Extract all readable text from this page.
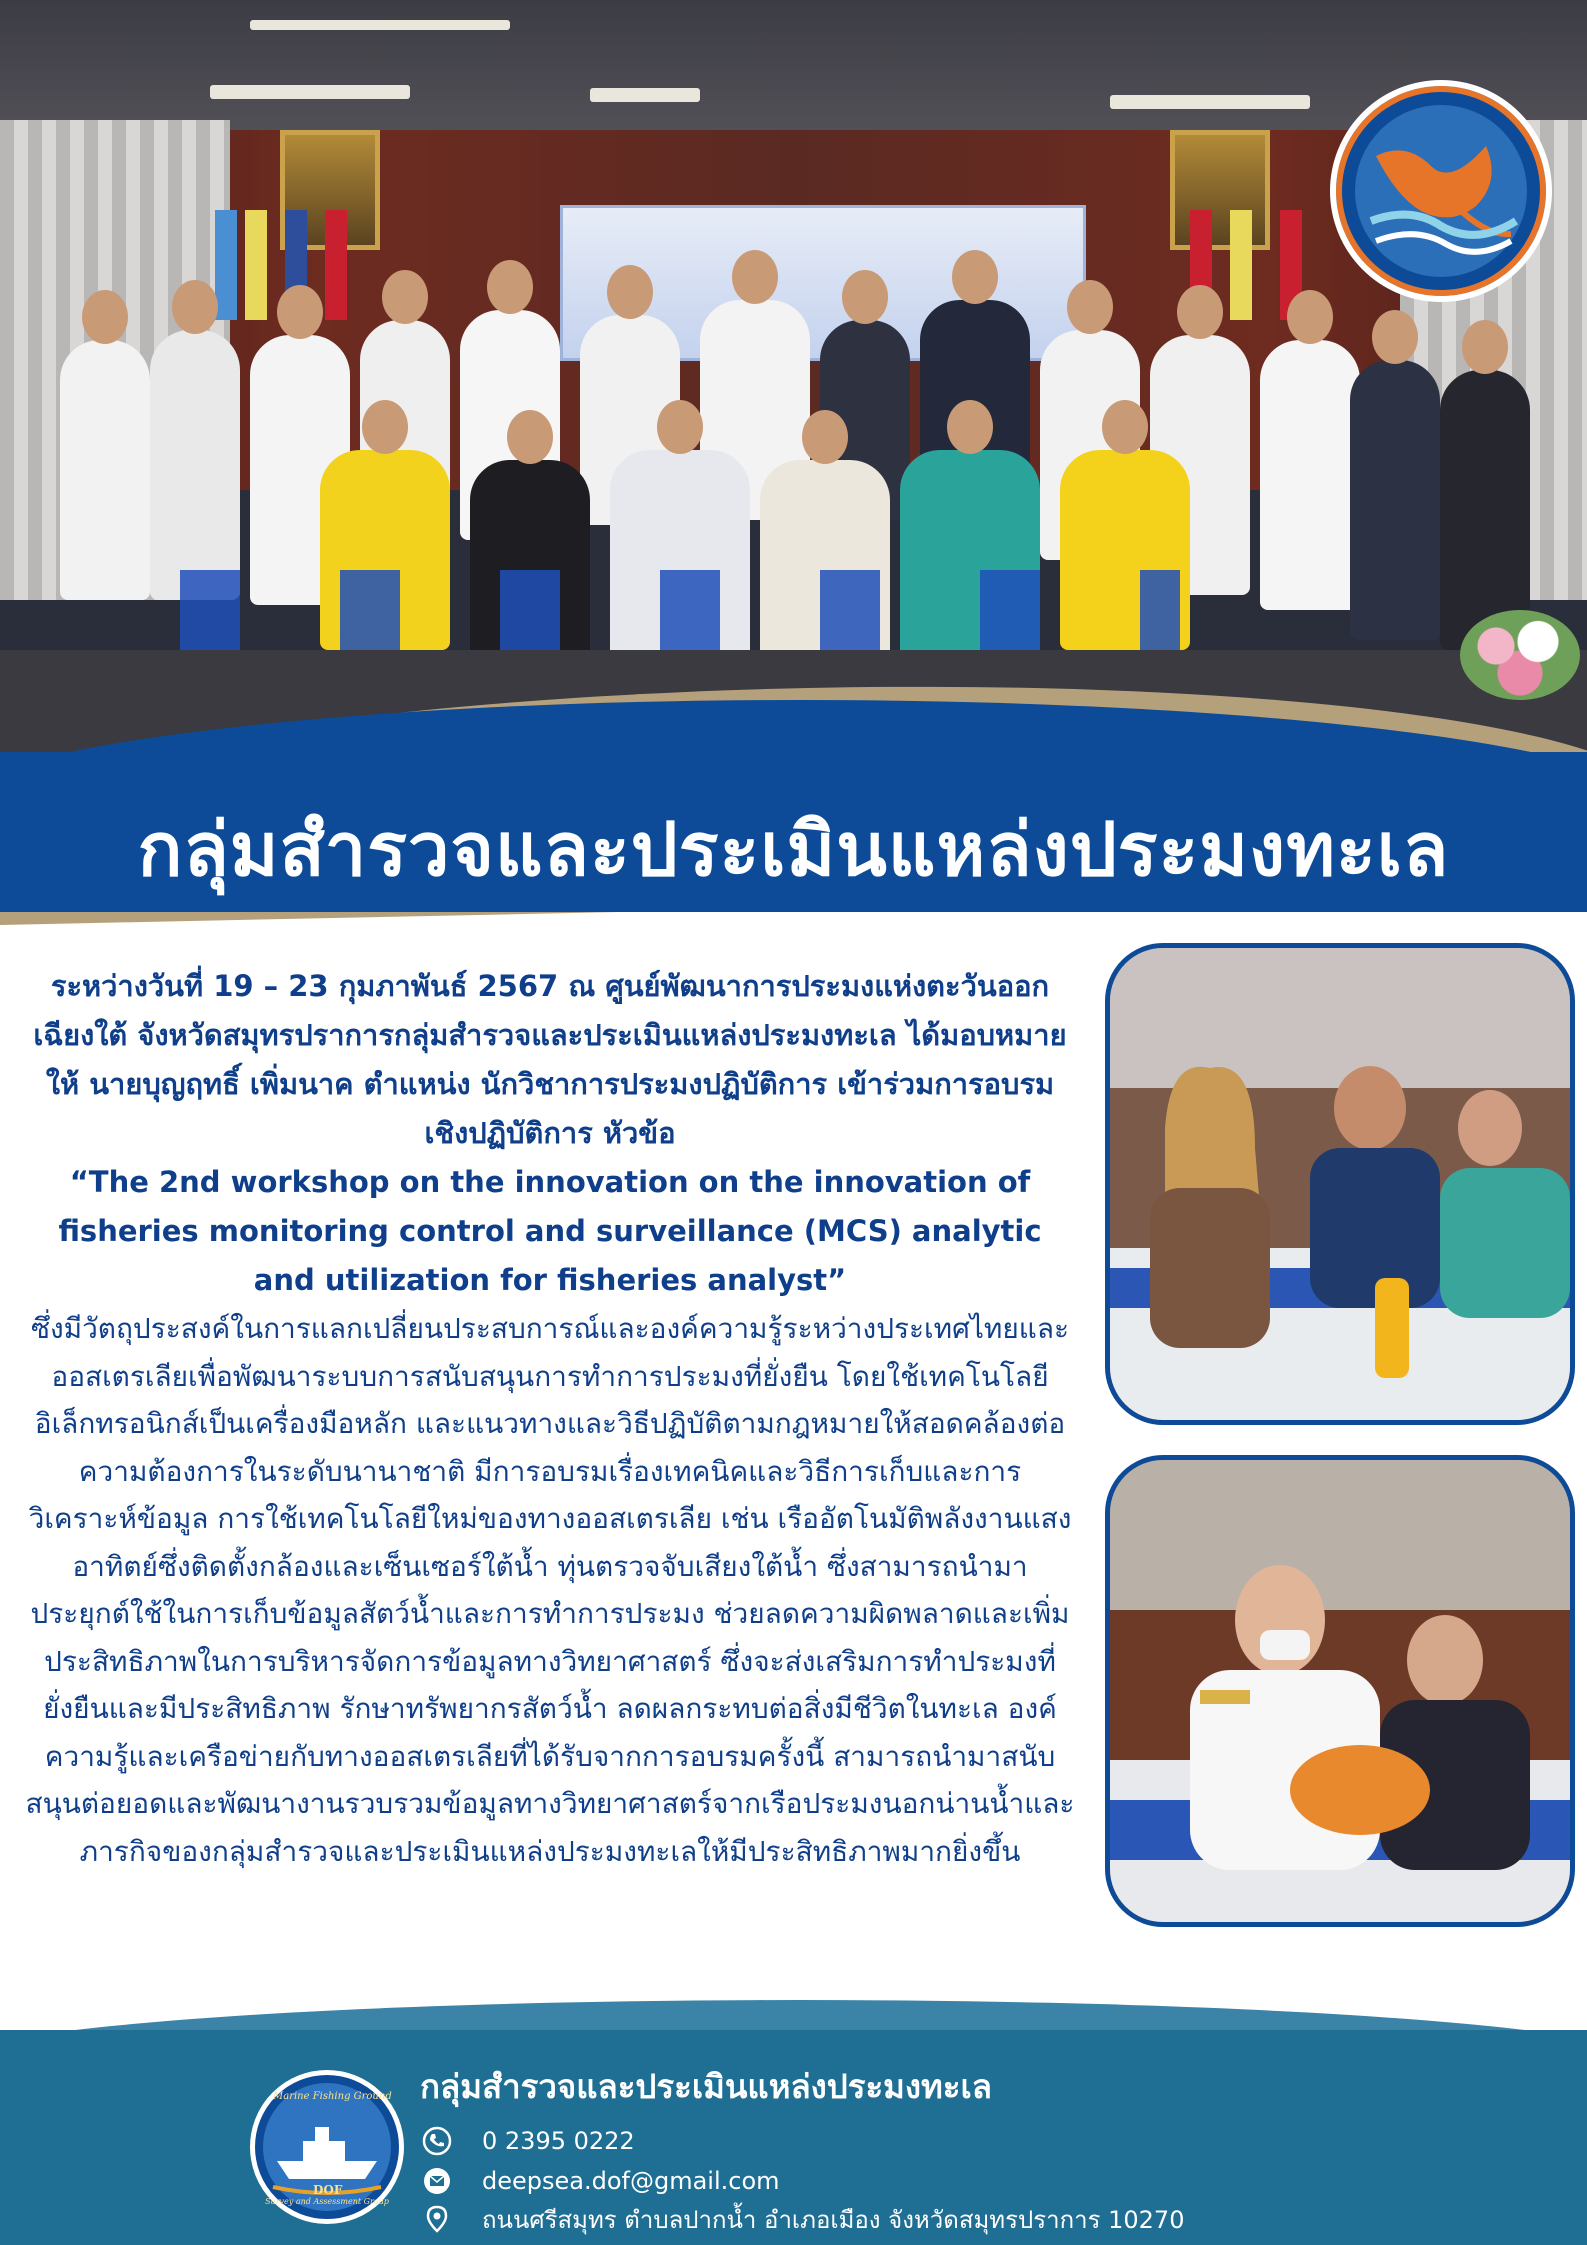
กลุ่มสำรวจและประเมินแหล่งประมงทะเล
ระหว่างวันที่ 19 – 23 กุมภาพันธ์ 2567 ณ ศูนย์พัฒนาการประมงแห่งตะวันออกเฉียงใต้ จังหวัดสมุทรปราการกลุ่มสำรวจและประเมินแหล่งประมงทะเล ได้มอบหมายให้ นายบุญฤทธิ์ เพิ่มนาค ตำแหน่ง นักวิชาการประมงปฏิบัติการ เข้าร่วมการอบรมเชิงปฏิบัติการ หัวข้อ
“The 2nd workshop on the innovation on the innovation of fisheries monitoring control and surveillance (MCS) analytic and utilization for fisheries analyst”
ซึ่งมีวัตถุประสงค์ในการแลกเปลี่ยนประสบการณ์และองค์ความรู้ระหว่างประเทศไทยและออสเตรเลียเพื่อพัฒนาระบบการสนับสนุนการทำการประมงที่ยั่งยืน โดยใช้เทคโนโลยีอิเล็กทรอนิกส์เป็นเครื่องมือหลัก และแนวทางและวิธีปฏิบัติตามกฎหมายให้สอดคล้องต่อความต้องการในระดับนานาชาติ มีการอบรมเรื่องเทคนิคและวิธีการเก็บและการวิเคราะห์ข้อมูล การใช้เทคโนโลยีใหม่ของทางออสเตรเลีย เช่น เรืออัตโนมัติพลังงานแสงอาทิตย์ซึ่งติดตั้งกล้องและเซ็นเซอร์ใต้น้ำ ทุ่นตรวจจับเสียงใต้น้ำ ซึ่งสามารถนำมาประยุกต์ใช้ในการเก็บข้อมูลสัตว์น้ำและการทำการประมง ช่วยลดความผิดพลาดและเพิ่มประสิทธิภาพในการบริหารจัดการข้อมูลทางวิทยาศาสตร์ ซึ่งจะส่งเสริมการทำประมงที่ยั่งยืนและมีประสิทธิภาพ รักษาทรัพยากรสัตว์น้ำ ลดผลกระทบต่อสิ่งมีชีวิตในทะเล องค์ความรู้และเครือข่ายกับทางออสเตรเลียที่ได้รับจากการอบรมครั้งนี้ สามารถนำมาสนับสนุนต่อยอดและพัฒนางานรวบรวมข้อมูลทางวิทยาศาสตร์จากเรือประมงนอกน่านน้ำและภารกิจของกลุ่มสำรวจและประเมินแหล่งประมงทะเลให้มีประสิทธิภาพมากยิ่งขึ้น
Marine Fishing Ground
DOF
Survey and Assessment Group
กลุ่มสำรวจและประเมินแหล่งประมงทะเล
0 2395 0222
deepsea.dof@gmail.com
ถนนศรีสมุทร ตำบลปากน้ำ อำเภอเมือง จังหวัดสมุทรปราการ 10270
